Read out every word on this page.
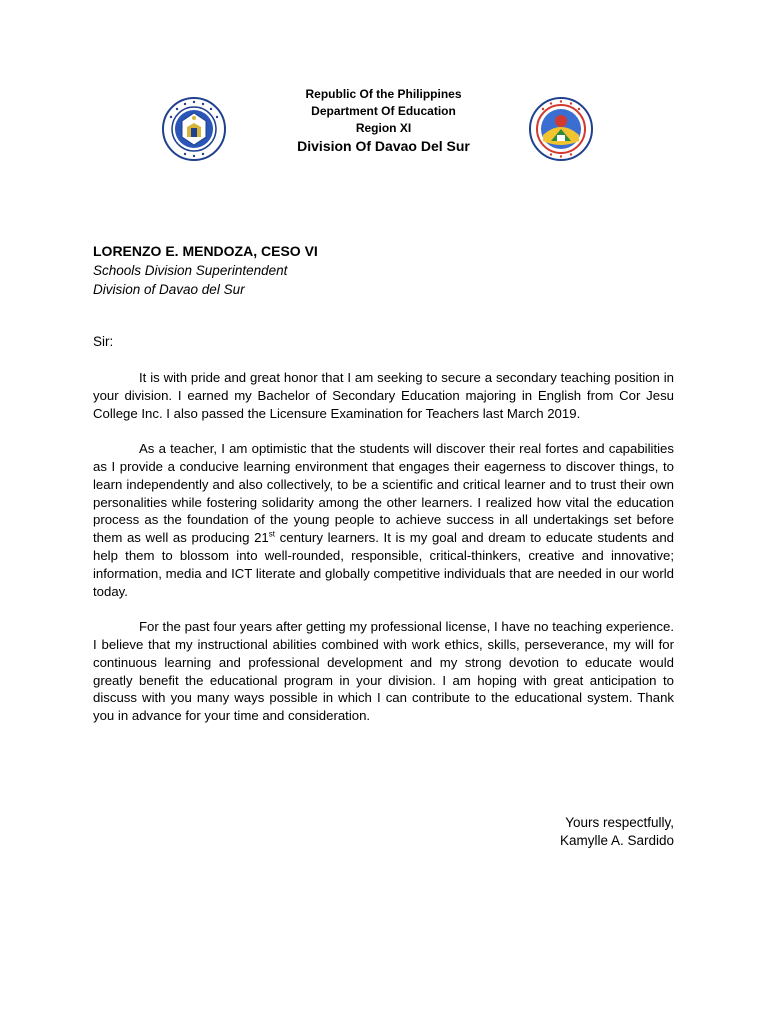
Republic Of the Philippines
Department Of Education
Region XI
Division Of Davao Del Sur
LORENZO E. MENDOZA, CESO VI
Schools Division Superintendent
Division of Davao del Sur
Sir:

It is with pride and great honor that I am seeking to secure a secondary teaching position in your division. I earned my Bachelor of Secondary Education majoring in English from Cor Jesu College Inc. I also passed the Licensure Examination for Teachers last March 2019.

As a teacher, I am optimistic that the students will discover their real fortes and capabilities as I provide a conducive learning environment that engages their eagerness to discover things, to learn independently and also collectively, to be a scientific and critical learner and to trust their own personalities while fostering solidarity among the other learners. I realized how vital the education process as the foundation of the young people to achieve success in all undertakings set before them as well as producing 21st century learners. It is my goal and dream to educate students and help them to blossom into well-rounded, responsible, critical-thinkers, creative and innovative; information, media and ICT literate and globally competitive individuals that are needed in our world today.

For the past four years after getting my professional license, I have no teaching experience. I believe that my instructional abilities combined with work ethics, skills, perseverance, my will for continuous learning and professional development and my strong devotion to educate would greatly benefit the educational program in your division. I am hoping with great anticipation to discuss with you many ways possible in which I can contribute to the educational system. Thank you in advance for your time and consideration.

Yours respectfully,
Kamylle A. Sardido
